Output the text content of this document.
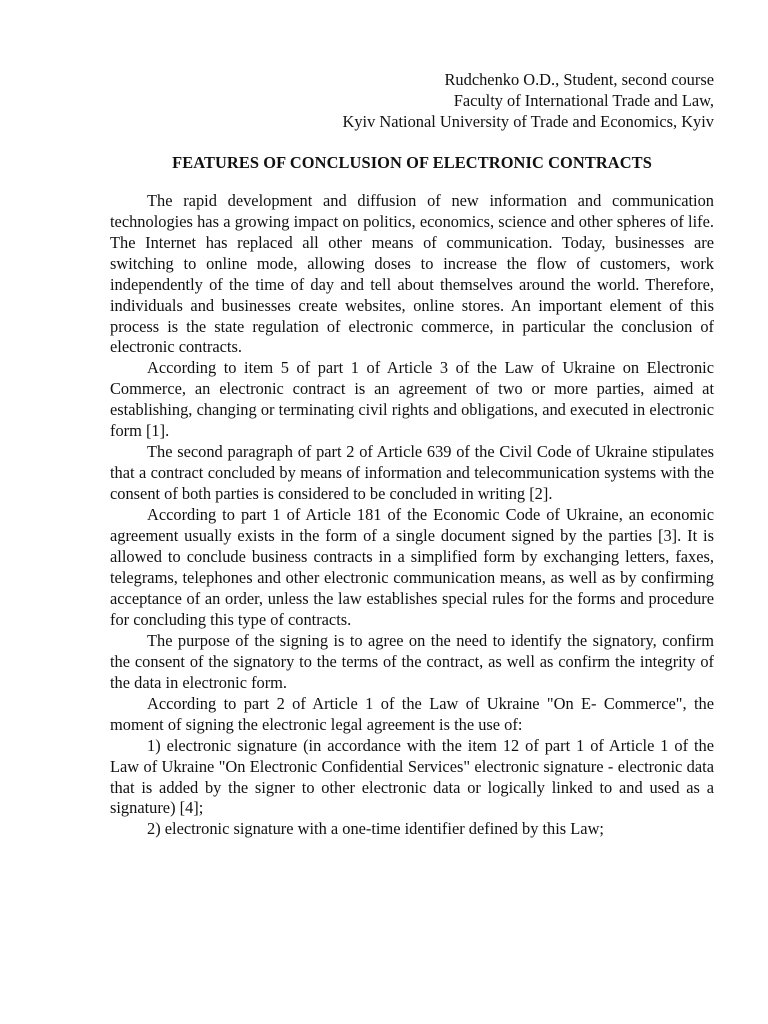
Rudchenko O.D., Student, second course
Faculty of International Trade and Law,
Kyiv National University of Trade and Economics, Kyiv
FEATURES OF CONCLUSION OF ELECTRONIC CONTRACTS

The rapid development and diffusion of new information and communication technologies has a growing impact on politics, economics, science and other spheres of life. The Internet has replaced all other means of communication. Today, businesses are switching to online mode, allowing doses to increase the flow of customers, work independently of the time of day and tell about themselves around the world. Therefore, individuals and businesses create websites, online stores. An important element of this process is the state regulation of electronic commerce, in particular the conclusion of electronic contracts.

According to item 5 of part 1 of Article 3 of the Law of Ukraine on Electronic Commerce, an electronic contract is an agreement of two or more parties, aimed at establishing, changing or terminating civil rights and obligations, and executed in electronic form [1].

The second paragraph of part 2 of Article 639 of the Civil Code of Ukraine stipulates that a contract concluded by means of information and telecommunication systems with the consent of both parties is considered to be concluded in writing [2].

According to part 1 of Article 181 of the Economic Code of Ukraine, an economic agreement usually exists in the form of a single document signed by the parties [3]. It is allowed to conclude business contracts in a simplified form by exchanging letters, faxes, telegrams, telephones and other electronic communication means, as well as by confirming acceptance of an order, unless the law establishes special rules for the forms and procedure for concluding this type of contracts.

The purpose of the signing is to agree on the need to identify the signatory, confirm the consent of the signatory to the terms of the contract, as well as confirm the integrity of the data in electronic form.

According to part 2 of Article 1 of the Law of Ukraine "On E- Commerce", the moment of signing the electronic legal agreement is the use of:

1) electronic signature (in accordance with the item 12 of part 1 of Article 1 of the Law of Ukraine "On Electronic Confidential Services" electronic signature - electronic data that is added by the signer to other electronic data or logically linked to and used as a signature) [4];

2) electronic signature with a one-time identifier defined by this Law;
